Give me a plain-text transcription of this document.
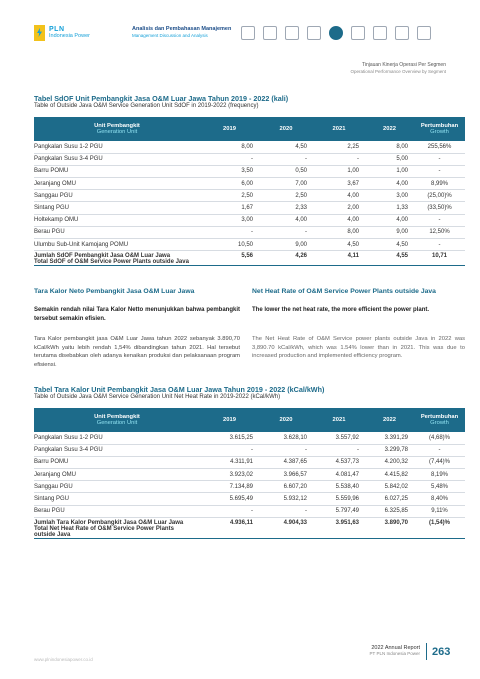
PLN
Indonesia Power
Analisis dan Pembahasan Manajemen
Management Discussion and Analysis
Tinjauan Kinerja Operasi Per Segmen
Operational Performance Overview by Segment
Tabel SdOF Unit Pembangkit Jasa O&M Luar Jawa Tahun 2019 - 2022 (kali)
Table of Outside Java O&M Service Generation Unit SdOF in 2019-2022 (frequency)
Unit Pembangkit
Generation Unit	2019	2020	2021	2022	Pertumbuhan
Growth

Pangkalan Susu 1-2 PGU	8,00	4,50	2,25	8,00	255,56%
Pangkalan Susu 3-4 PGU	-	-	-	5,00	-
Barru POMU	3,50	0,50	1,00	1,00	-
Jeranjang OMU	6,00	7,00	3,67	4,00	8,99%
Sanggau PGU	2,50	2,50	4,00	3,00	(25,00)%
Sintang PGU	1,67	2,33	2,00	1,33	(33,50)%
Holtekamp OMU	3,00	4,00	4,00	4,00	-
Berau PGU	-	-	8,00	9,00	12,50%
Ulumbu Sub-Unit Kamojang POMU	10,50	9,00	4,50	4,50	-
Jumlah SdOF Pembangkit Jasa O&M Luar Jawa
Total SdOF of O&M Service Power Plants outside Java	5,56	4,26	4,11	4,55	10,71
Tara Kalor Neto Pembangkit Jasa O&M Luar Jawa	Net Heat Rate of O&M Service Power Plants outside Java
Semakin rendah nilai Tara Kalor Netto menunjukkan bahwa pembangkit tersebut semakin efisien.
The lower the net heat rate, the more efficient the power plant.
Tara Kalor pembangkit jasa O&M Luar Jawa tahun 2022 sebanyak 3.890,70 kCal/kWh yaitu lebih rendah 1,54% dibandingkan tahun 2021. Hal tersebut terutama disebabkan oleh adanya kenaikan produksi dan pelaksanaan program efisiensi.
The Net Heat Rate of O&M Service power plants outside Java in 2022 was 3,890.70 kCal/kWh, which was 1.54% lower than in 2021. This was due to increased production and implemented efficiency program.
Tabel Tara Kalor Unit Pembangkit Jasa O&M Luar Jawa Tahun 2019 - 2022 (kCal/kWh)
Table of Outside Java O&M Service Generation Unit Net Heat Rate in 2019-2022 (kCal/kWh)
Unit Pembangkit
Generation Unit	2019	2020	2021	2022	Pertumbuhan
Growth

Pangkalan Susu 1-2 PGU	3.615,25	3.628,10	3.557,92	3.391,29	(4,68)%
Pangkalan Susu 3-4 PGU	-	-	-	3.299,78	-
Barru POMU	4.311,91	4.387,65	4.537,73	4.200,32	(7,44)%
Jeranjang OMU	3.923,02	3.966,57	4.081,47	4.415,82	8,19%
Sanggau PGU	7.134,89	6.607,20	5.538,40	5.842,02	5,48%
Sintang PGU	5.695,49	5.932,12	5.559,96	6.027,25	8,40%
Berau PGU	-	-	5.797,49	6.325,85	9,11%
Jumlah Tara Kalor Pembangkit Jasa O&M Luar Jawa
Total Net Heat Rate of O&M Service Power Plants outside Java	4.936,11	4.904,33	3.951,63	3.890,70	(1,54)%
www.plnindonesiapower.co.id
2022 Annual Report
PT PLN Indonesia Power 263
